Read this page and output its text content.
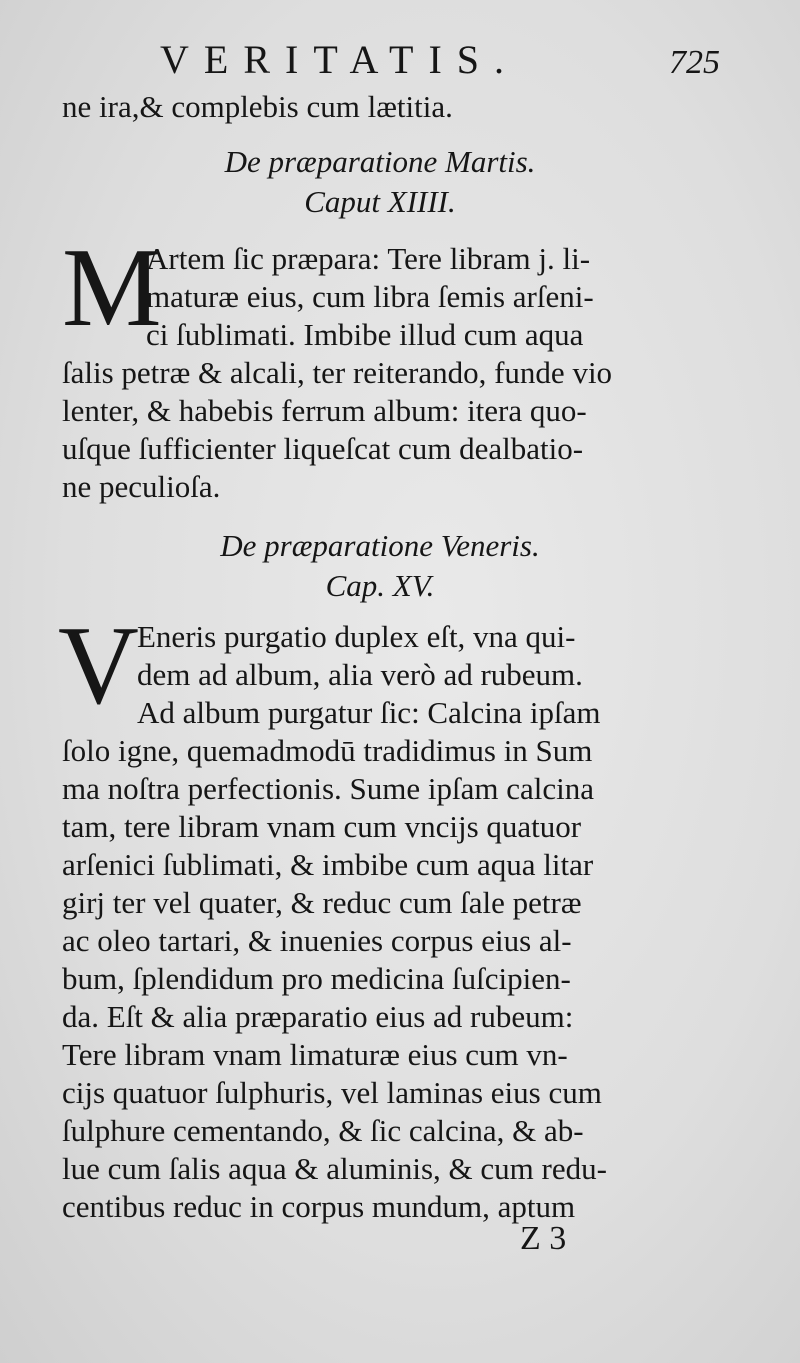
VERITATIS.	725
ne ira,& complebis cum lætitia.
De præparatione Martis.
Caput XIIII.
M
Artem ſic præpara: Tere libram j. li-
maturæ eius, cum libra ſemis arſeni-
ci ſublimati. Imbibe illud cum aqua
ſalis petræ & alcali, ter reiterando, funde vio
lenter, & habebis ferrum album: itera quo-
uſque ſufficienter liqueſcat cum dealbatio-
ne peculioſa.
De præparatione Veneris.
Cap. XV.
V
Eneris purgatio duplex eſt, vna qui-
dem ad album, alia verò ad rubeum.
Ad album purgatur ſic: Calcina ipſam
ſolo igne, quemadmodū tradidimus in Sum
ma noſtra perfectionis. Sume ipſam calcina
tam, tere libram vnam cum vncijs quatuor
arſenici ſublimati, & imbibe cum aqua litar
girj ter vel quater, & reduc cum ſale petræ
ac oleo tartari, & inuenies corpus eius al-
bum, ſplendidum pro medicina ſuſcipien-
da. Eſt & alia præparatio eius ad rubeum:
Tere libram vnam limaturæ eius cum vn-
cijs quatuor ſulphuris, vel laminas eius cum
ſulphure cementando, & ſic calcina, & ab-
lue cum ſalis aqua & aluminis, & cum redu-
centibus reduc in corpus mundum, aptum
Z 3
